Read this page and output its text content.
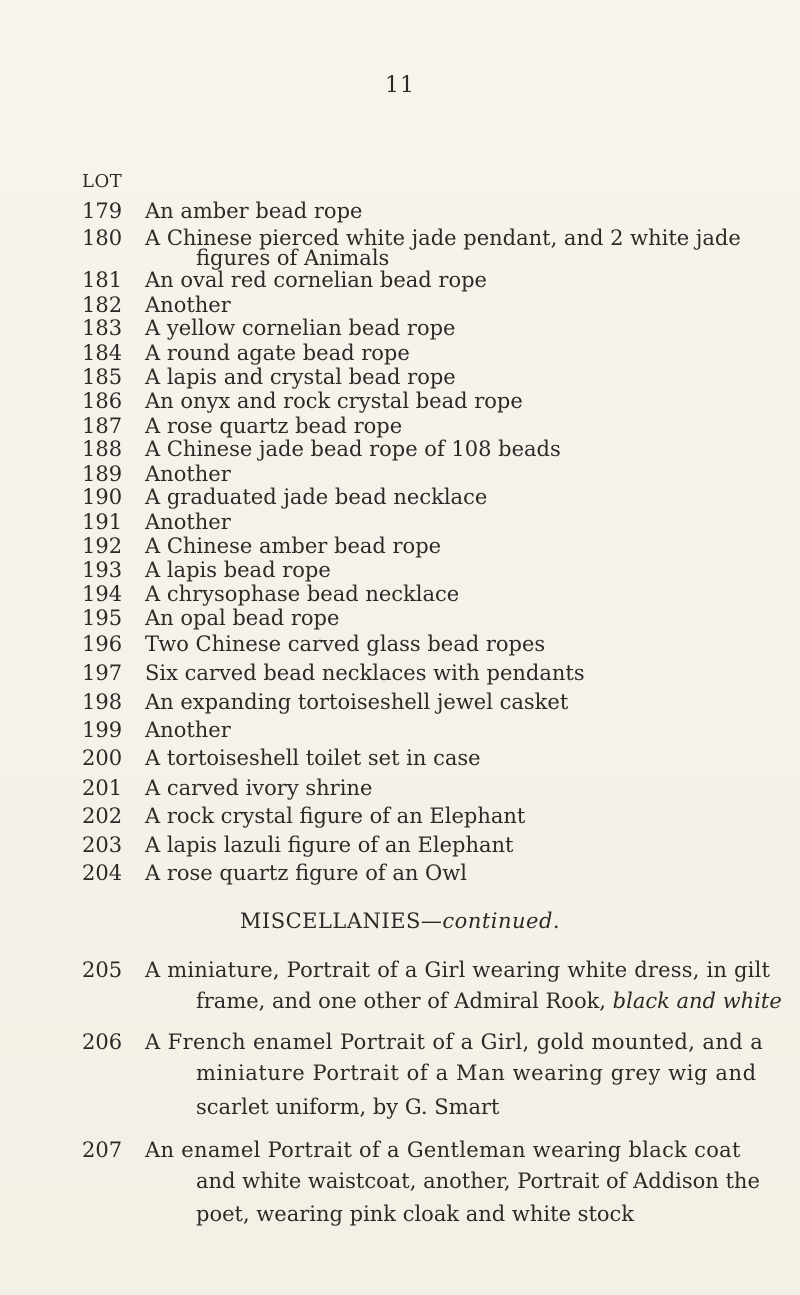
11
LOT
179 An amber bead rope
180 A Chinese pierced white jade pendant, and 2 white jade
figures of Animals
181 An oval red cornelian bead rope
182 Another
183 A yellow cornelian bead rope
184 A round agate bead rope
185 A lapis and crystal bead rope
186 An onyx and rock crystal bead rope
187 A rose quartz bead rope
188 A Chinese jade bead rope of 108 beads
189 Another
190 A graduated jade bead necklace
191 Another
192 A Chinese amber bead rope
193 A lapis bead rope
194 A chrysophase bead necklace
195 An opal bead rope
196 Two Chinese carved glass bead ropes
197 Six carved bead necklaces with pendants
198 An expanding tortoiseshell jewel casket
199 Another
200 A tortoiseshell toilet set in case
201 A carved ivory shrine
202 A rock crystal figure of an Elephant
203 A lapis lazuli figure of an Elephant
204 A rose quartz figure of an Owl
MISCELLANIES—continued.
205 A miniature, Portrait of a Girl wearing white dress, in gilt
frame, and one other of Admiral Rook, black and white
206 A French enamel Portrait of a Girl, gold mounted, and a
miniature Portrait of a Man wearing grey wig and
scarlet uniform, by G. Smart
207 An enamel Portrait of a Gentleman wearing black coat
and white waistcoat, another, Portrait of Addison the
poet, wearing pink cloak and white stock
